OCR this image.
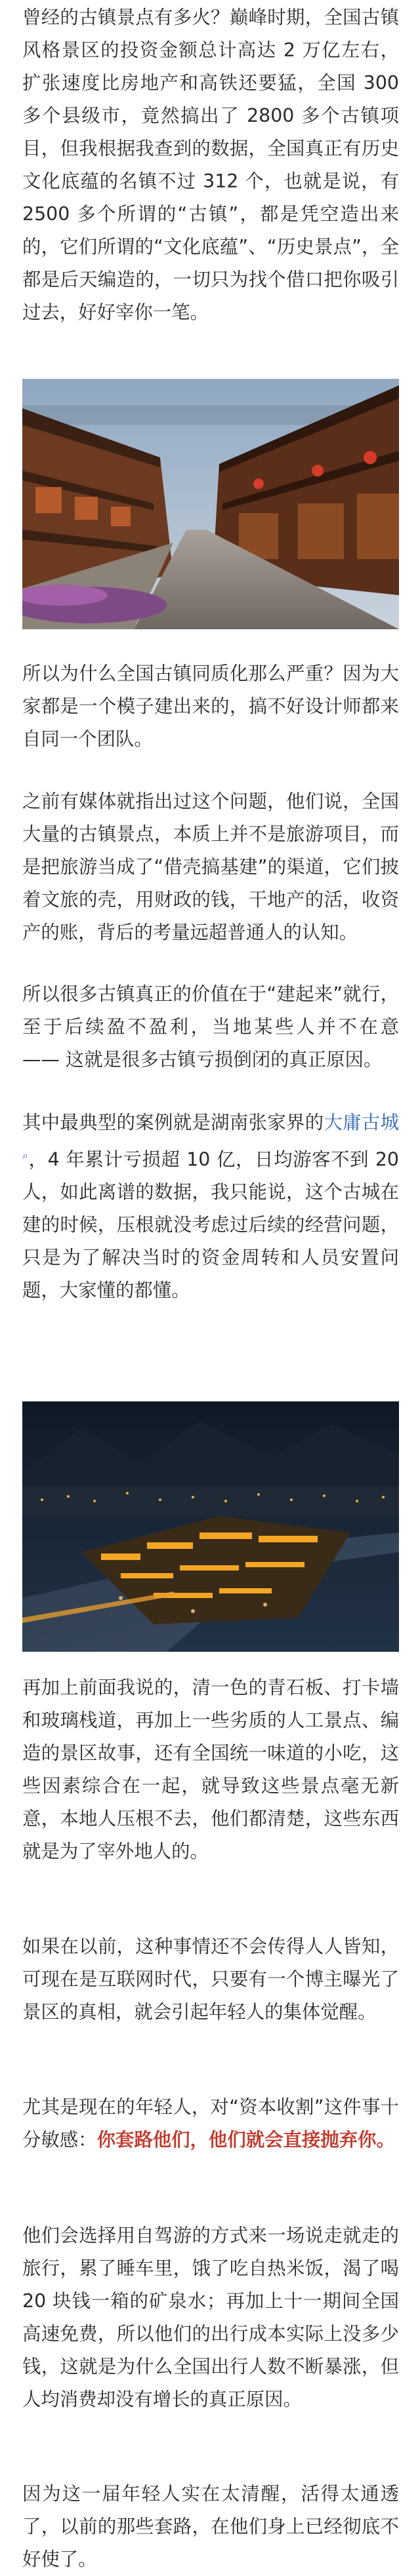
曾经的古镇景点有多火？巅峰时期，全国古镇风格景区的投资金额总计高达 2 万亿左右，扩张速度比房地产和高铁还要猛，全国 300 多个县级市，竟然搞出了 2800 多个古镇项目，但我根据我查到的数据，全国真正有历史文化底蕴的名镇不过 312 个，也就是说，有 2500 多个所谓的“古镇”，都是凭空造出来的，它们所谓的“文化底蕴”、“历史景点”，全都是后天编造的，一切只为找个借口把你吸引过去，好好宰你一笔。

所以为什么全国古镇同质化那么严重？因为大家都是一个模子建出来的，搞不好设计师都来自同一个团队。

之前有媒体就指出过这个问题，他们说，全国大量的古镇景点，本质上并不是旅游项目，而是把旅游当成了“借壳搞基建”的渠道，它们披着文旅的壳，用财政的钱，干地产的活，收资产的账，背后的考量远超普通人的认知。

所以很多古镇真正的价值在于“建起来”就行，至于后续盈不盈利，当地某些人并不在意 —— 这就是很多古镇亏损倒闭的真正原因。

其中最典型的案例就是湖南张家界的大庸古城⌕，4 年累计亏损超 10 亿，日均游客不到 20 人，如此离谱的数据，我只能说，这个古城在建的时候，压根就没考虑过后续的经营问题，只是为了解决当时的资金周转和人员安置问题，大家懂的都懂。

再加上前面我说的，清一色的青石板、打卡墙和玻璃栈道，再加上一些劣质的人工景点、编造的景区故事，还有全国统一味道的小吃，这些因素综合在一起，就导致这些景点毫无新意，本地人压根不去，他们都清楚，这些东西就是为了宰外地人的。

如果在以前，这种事情还不会传得人人皆知，可现在是互联网时代，只要有一个博主曝光了景区的真相，就会引起年轻人的集体觉醒。

尤其是现在的年轻人，对“资本收割”这件事十分敏感：你套路他们，他们就会直接抛弃你。

他们会选择用自驾游的方式来一场说走就走的旅行，累了睡车里，饿了吃自热米饭，渴了喝 20 块钱一箱的矿泉水；再加上十一期间全国高速免费，所以他们的出行成本实际上没多少钱，这就是为什么全国出行人数不断暴涨，但人均消费却没有增长的真正原因。

因为这一届年轻人实在太清醒，活得太通透了，以前的那些套路，在他们身上已经彻底不好使了。
